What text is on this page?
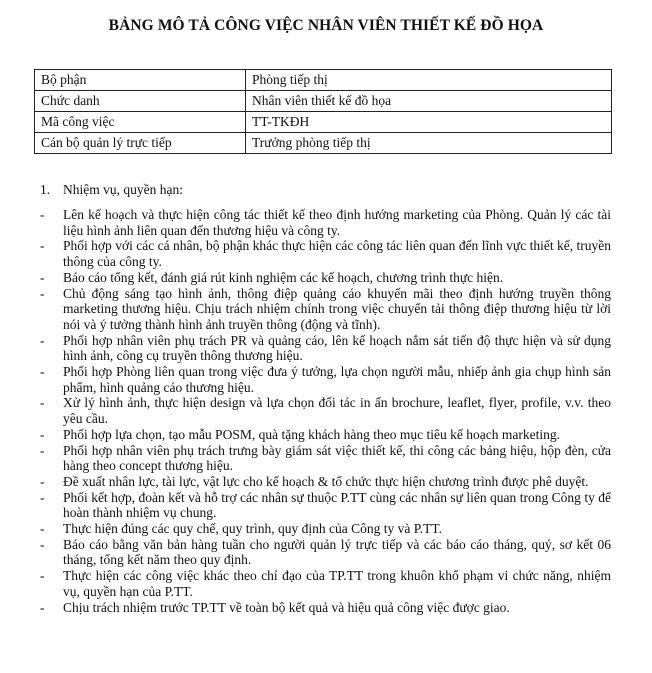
BẢNG MÔ TẢ CÔNG VIỆC NHÂN VIÊN THIẾT KẾ ĐỒ HỌA
Bộ phận	Phòng tiếp thị
Chức danh	Nhân viên thiết kế đồ họa
Mã công việc	TT-TKĐH
Cán bộ quản lý trực tiếp	Trưởng phòng tiếp thị
1. Nhiệm vụ, quyền hạn:
- Lên kế hoạch và thực hiện công tác thiết kế theo định hướng marketing của Phòng. Quản lý các tài liệu hình ảnh liên quan đến thương hiệu và công ty.
- Phối hợp với các cá nhân, bộ phận khác thực hiện các công tác liên quan đến lĩnh vực thiết kế, truyền thông của công ty.
- Báo cáo tổng kết, đánh giá rút kinh nghiệm các kế hoạch, chương trình thực hiện.
- Chủ động sáng tạo hình ảnh, thông điệp quảng cáo khuyến mãi theo định hướng truyền thông marketing thương hiệu. Chịu trách nhiệm chính trong việc chuyển tải thông điệp thương hiệu từ lời nói và ý tưởng thành hình ảnh truyền thông (động và tĩnh).
- Phối hợp nhân viên phụ trách PR và quảng cáo, lên kế hoạch nắm sát tiến độ thực hiện và sử dụng hình ảnh, công cụ truyền thông thương hiệu.
- Phối hợp Phòng liên quan trong việc đưa ý tưởng, lựa chọn người mẫu, nhiếp ảnh gia chụp hình sản phẩm, hình quảng cáo thương hiệu.
- Xử lý hình ảnh, thực hiện design và lựa chọn đối tác in ấn brochure, leaflet, flyer, profile, v.v. theo yêu cầu.
- Phối hợp lựa chọn, tạo mẫu POSM, quà tặng khách hàng theo mục tiêu kế hoạch marketing.
- Phối hợp nhân viên phụ trách trưng bày giám sát việc thiết kế, thi công các bảng hiệu, hộp đèn, cửa hàng theo concept thương hiệu.
- Đề xuất nhân lực, tài lực, vật lực cho kế hoạch & tổ chức thực hiện chương trình được phê duyệt.
- Phối kết hợp, đoàn kết và hỗ trợ các nhân sự thuộc P.TT cùng các nhân sự liên quan trong Công ty để hoàn thành nhiệm vụ chung.
- Thực hiện đúng các quy chế, quy trình, quy định của Công ty và P.TT.
- Báo cáo bằng văn bản hàng tuần cho người quản lý trực tiếp và các báo cáo tháng, quý, sơ kết 06 tháng, tổng kết năm theo quy định.
- Thực hiện các công việc khác theo chỉ đạo của TP.TT trong khuôn khổ phạm vi chức năng, nhiệm vụ, quyền hạn của P.TT.
- Chịu trách nhiệm trước TP.TT về toàn bộ kết quả và hiệu quả công việc được giao.
